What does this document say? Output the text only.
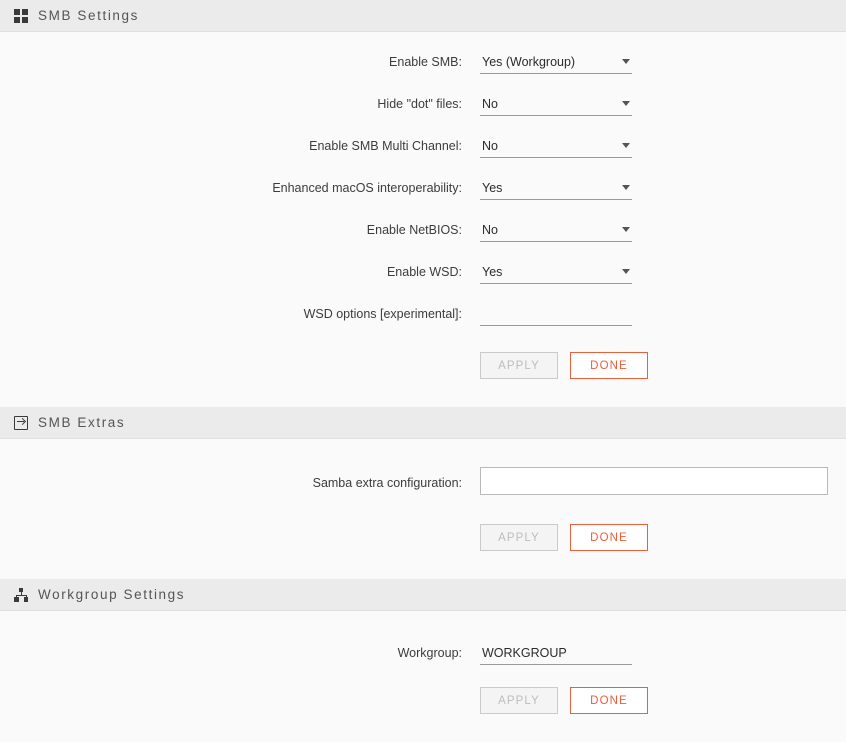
SMB Settings
Enable SMB:	Yes (Workgroup)
Hide "dot" files:	No
Enable SMB Multi Channel:	No
Enhanced macOS interoperability:	Yes
Enable NetBIOS:	No
Enable WSD:	Yes
WSD options [experimental]:
APPLY	DONE
SMB Extras
Samba extra configuration:
APPLY	DONE
Workgroup Settings
Workgroup:
WORKGROUP
APPLY	DONE
